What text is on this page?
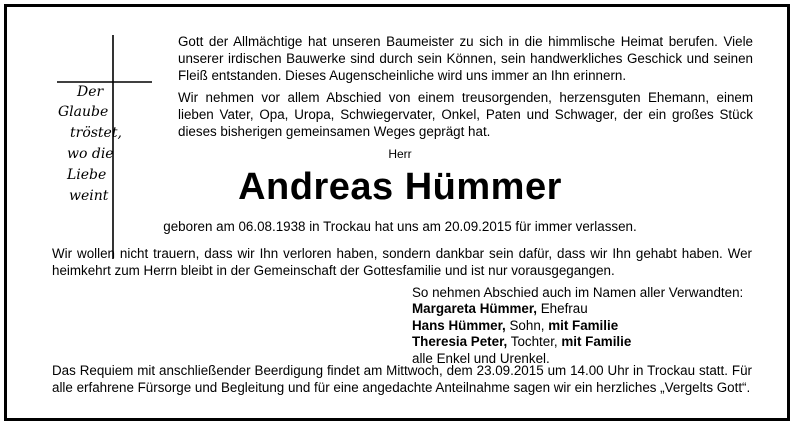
Der
Glaube
tröstet,
wo die
Liebe
weint

Gott der Allmächtige hat unseren Baumeister zu sich in die himmlische Heimat berufen. Viele unserer irdischen Bauwerke sind durch sein Können, sein handwerkliches Geschick und seinen Fleiß entstanden. Dieses Augenscheinliche wird uns immer an Ihn erinnern.

Wir nehmen vor allem Abschied von einem treusorgenden, herzensguten Ehemann, einem lieben Vater, Opa, Uropa, Schwiegervater, Onkel, Paten und Schwager, der ein großes Stück dieses bisherigen gemeinsamen Weges geprägt hat.

Herr
Andreas Hümmer
geboren am 06.08.1938 in Trockau hat uns am 20.09.2015 für immer verlassen.

Wir wollen nicht trauern, dass wir Ihn verloren haben, sondern dankbar sein dafür, dass wir Ihn gehabt haben. Wer heimkehrt zum Herrn bleibt in der Gemeinschaft der Gottesfamilie und ist nur vorausgegangen.

So nehmen Abschied auch im Namen aller Verwandten:
Margareta Hümmer, Ehefrau
Hans Hümmer, Sohn, mit Familie
Theresia Peter, Tochter, mit Familie
alle Enkel und Urenkel.

Das Requiem mit anschließender Beerdigung findet am Mittwoch, dem 23.09.2015 um 14.00 Uhr in Trockau statt. Für alle erfahrene Fürsorge und Begleitung und für eine angedachte Anteilnahme sagen wir ein herzliches „Vergelts Gott“.
